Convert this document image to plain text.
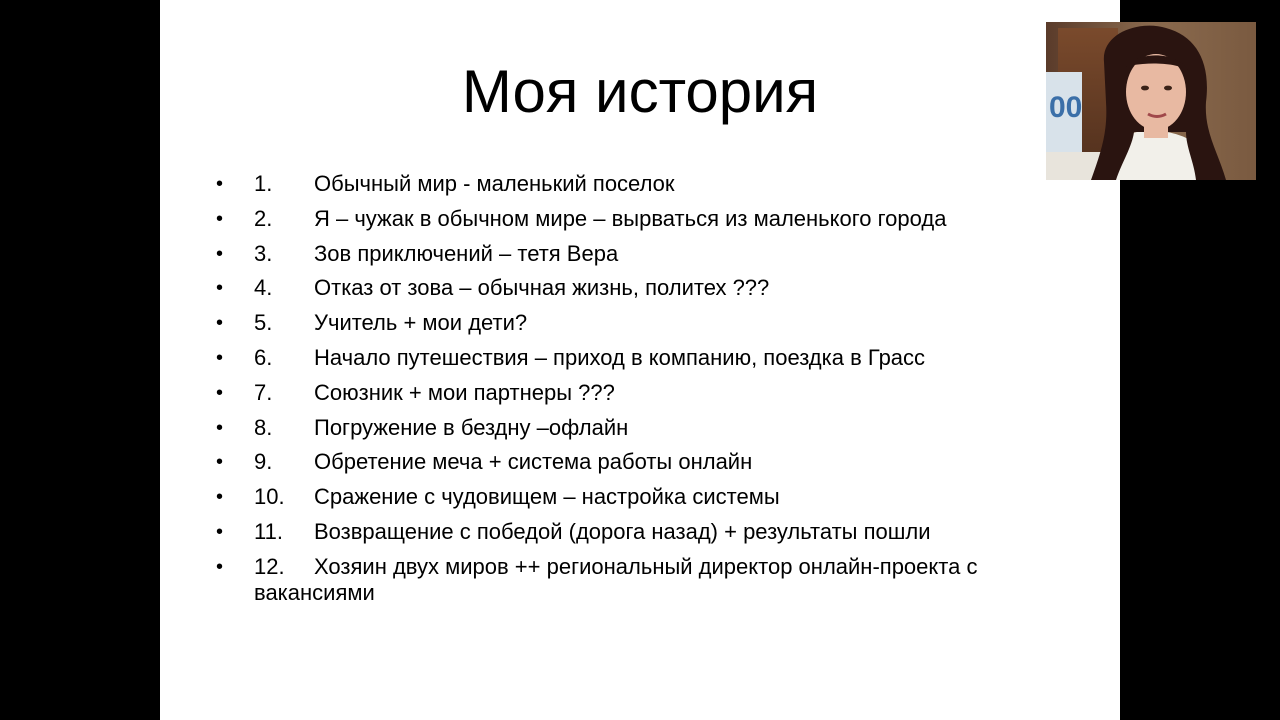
Моя история
•	1. Обычный мир - маленький поселок
•	2. Я – чужак в обычном мире – вырваться из маленького города
•	3. Зов приключений – тетя Вера
•	4. Отказ от зова – обычная жизнь, политех ???
•	5. Учитель + мои дети?
•	6. Начало путешествия – приход в компанию, поездка в Грасс
•	7. Союзник + мои партнеры ???
•	8. Погружение в бездну –офлайн
•	9. Обретение меча + система работы онлайн
•	10. Сражение с чудовищем – настройка системы
•	11. Возвращение с победой (дорога назад) + результаты пошли
•	12. Хозяин двух миров ++ региональный директор онлайн-проекта с вакансиями
00
